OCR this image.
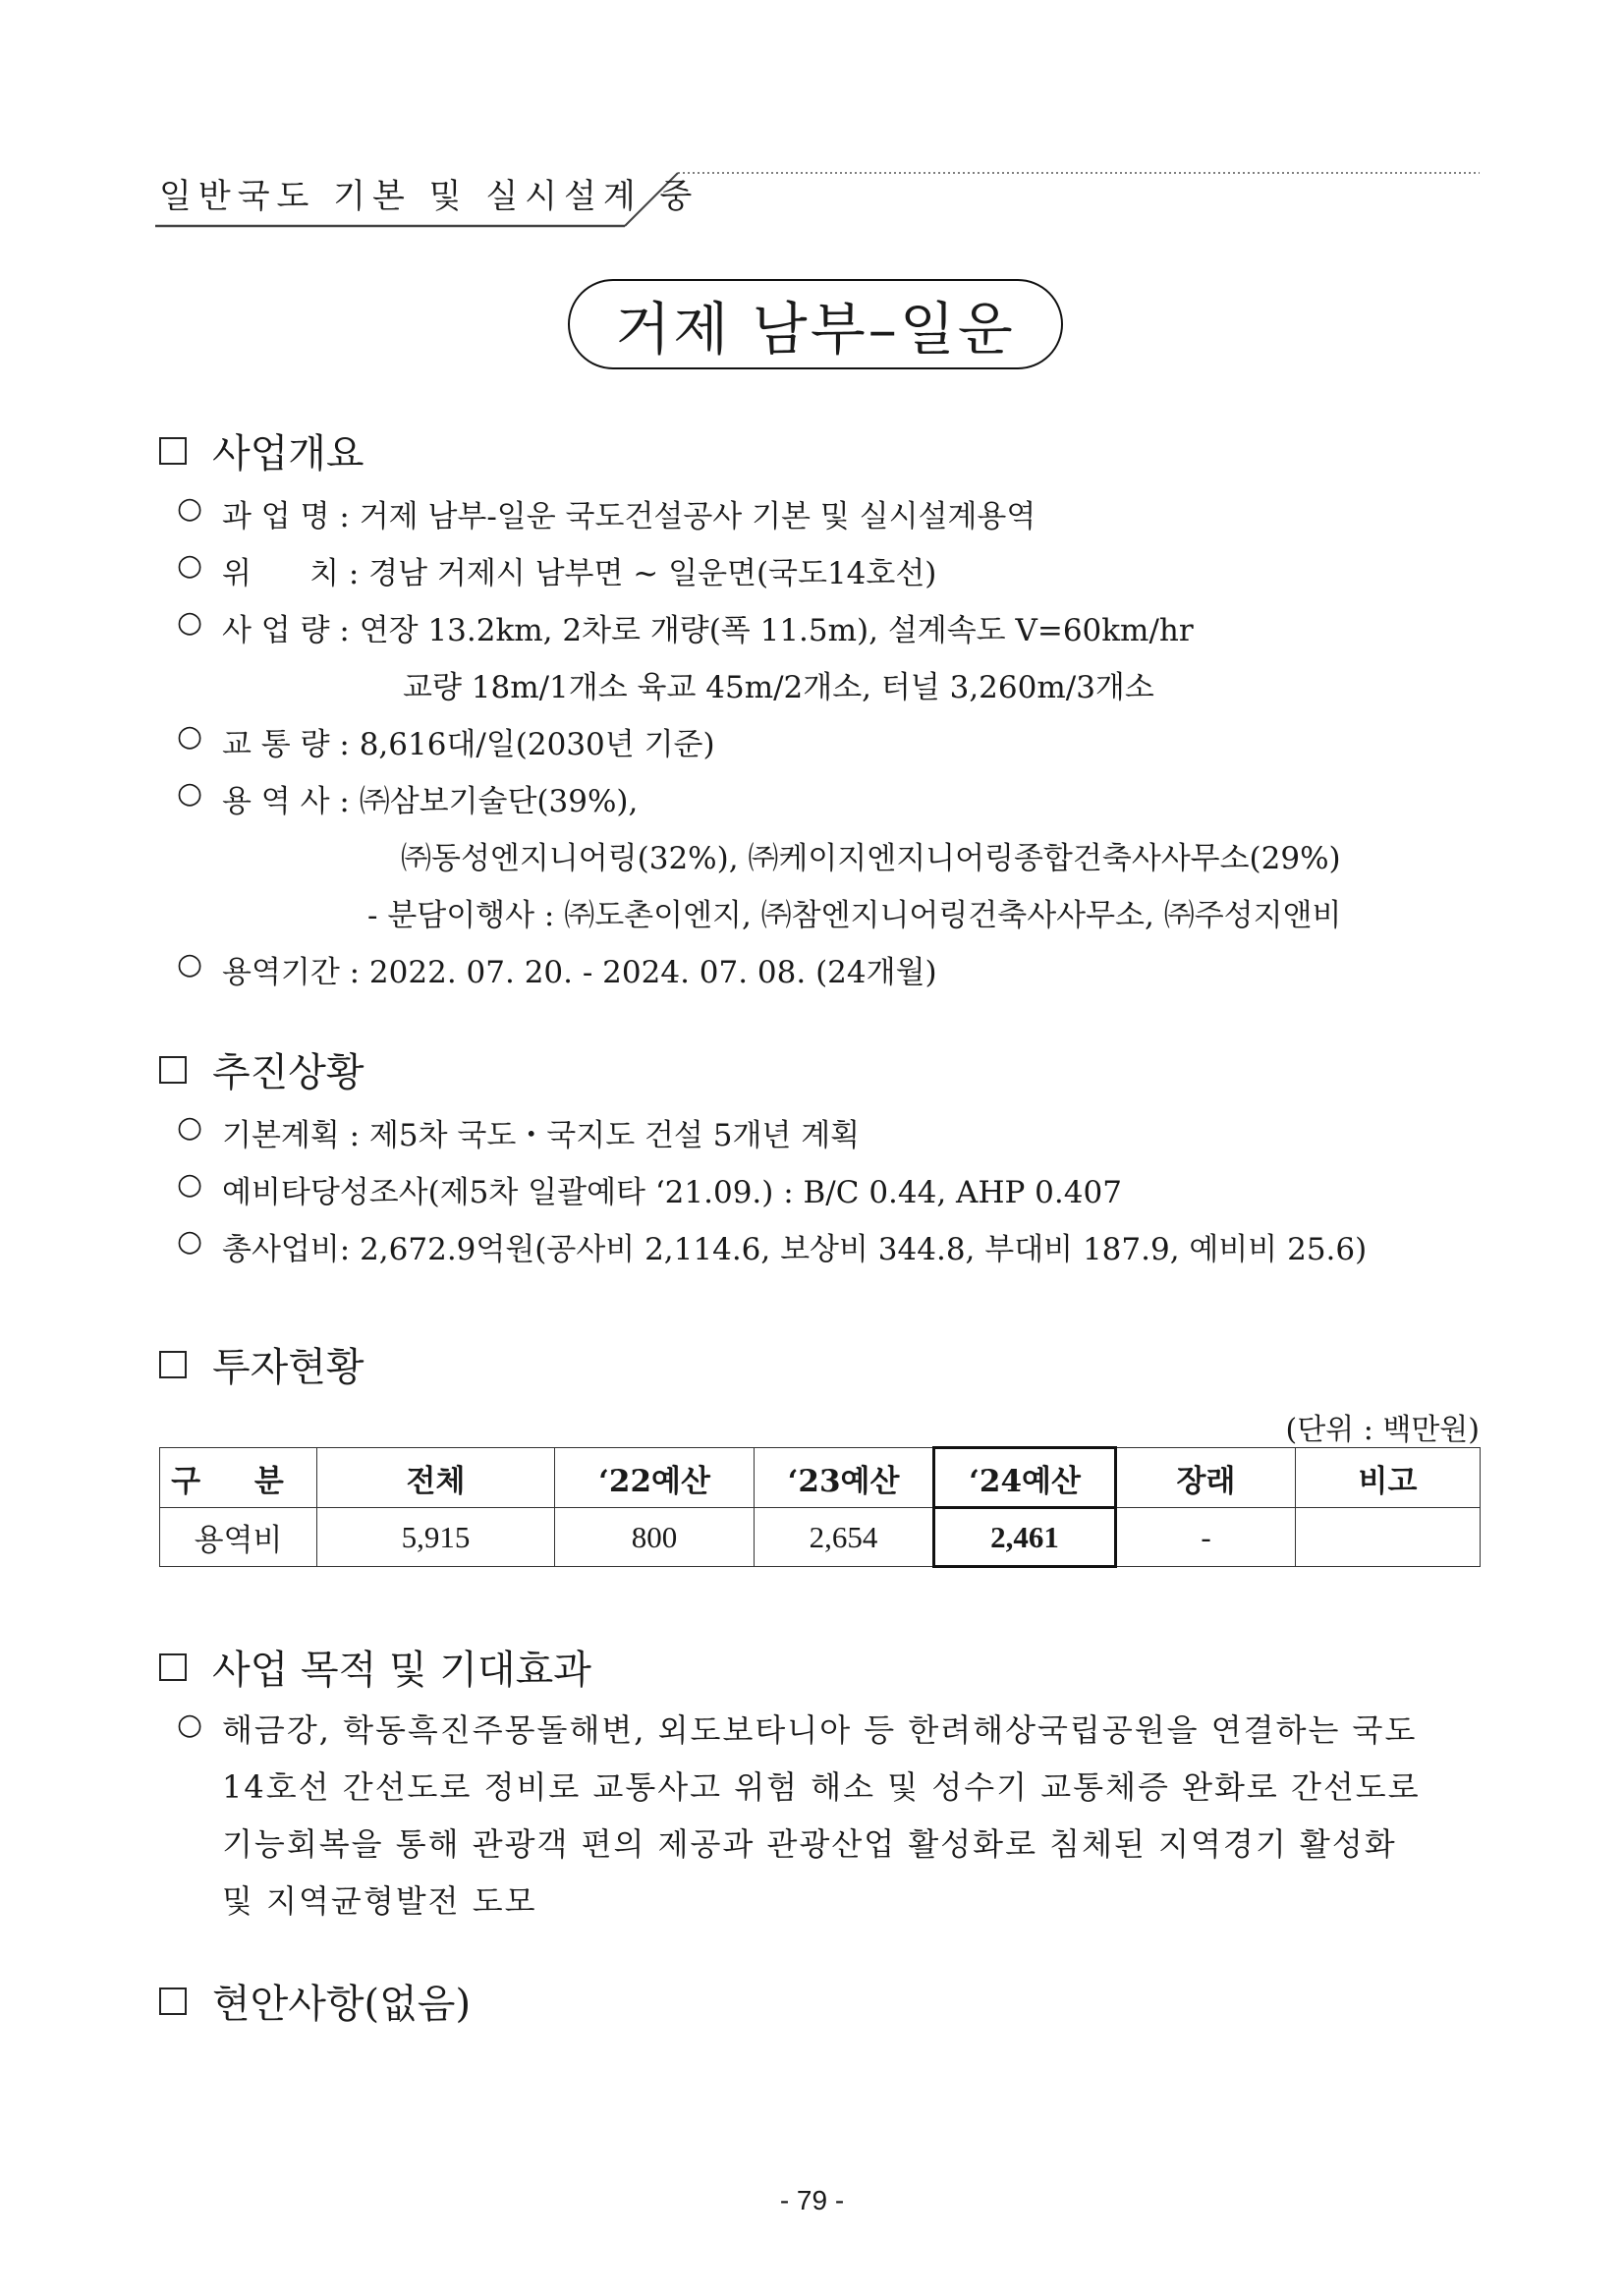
일반국도 기본 및 실시설계 중
거제 남부–일운
사업개요
○ 과 업 명 : 거제 남부-일운 국도건설공사 기본 및 실시설계용역
○ 위      치 : 경남 거제시 남부면 ~ 일운면(국도14호선)
○ 사 업 량 : 연장 13.2km, 2차로 개량(폭 11.5m), 설계속도 V=60km/hr
교량 18m/1개소 육교 45m/2개소, 터널 3,260m/3개소
○ 교 통 량 : 8,616대/일(2030년 기준)
○ 용 역 사 : ㈜삼보기술단(39%),
㈜동성엔지니어링(32%), ㈜케이지엔지니어링종합건축사사무소(29%)
- 분담이행사 : ㈜도촌이엔지, ㈜참엔지니어링건축사사무소, ㈜주성지앤비
○ 용역기간 : 2022. 07. 20. - 2024. 07. 08. (24개월)
추진상황
○ 기본계획 : 제5차 국도・국지도 건설 5개년 계획
○ 예비타당성조사(제5차 일괄예타 ‘21.09.) : B/C 0.44, AHP 0.407
○ 총사업비: 2,672.9억원(공사비 2,114.6, 보상비 344.8, 부대비 187.9, 예비비 25.6)
투자현황
(단위 : 백만원)
구 분	전체	‘22예산	‘23예산	‘24예산	장래	비고
용역비	5,915	800	2,654	2,461	-	
사업 목적 및 기대효과
○ 해금강, 학동흑진주몽돌해변, 외도보타니아 등 한려해상국립공원을 연결하는 국도
14호선 간선도로 정비로 교통사고 위험 해소 및 성수기 교통체증 완화로 간선도로
기능회복을 통해 관광객 편의 제공과 관광산업 활성화로 침체된 지역경기 활성화
및 지역균형발전 도모
현안사항(없음)
- 79 -
